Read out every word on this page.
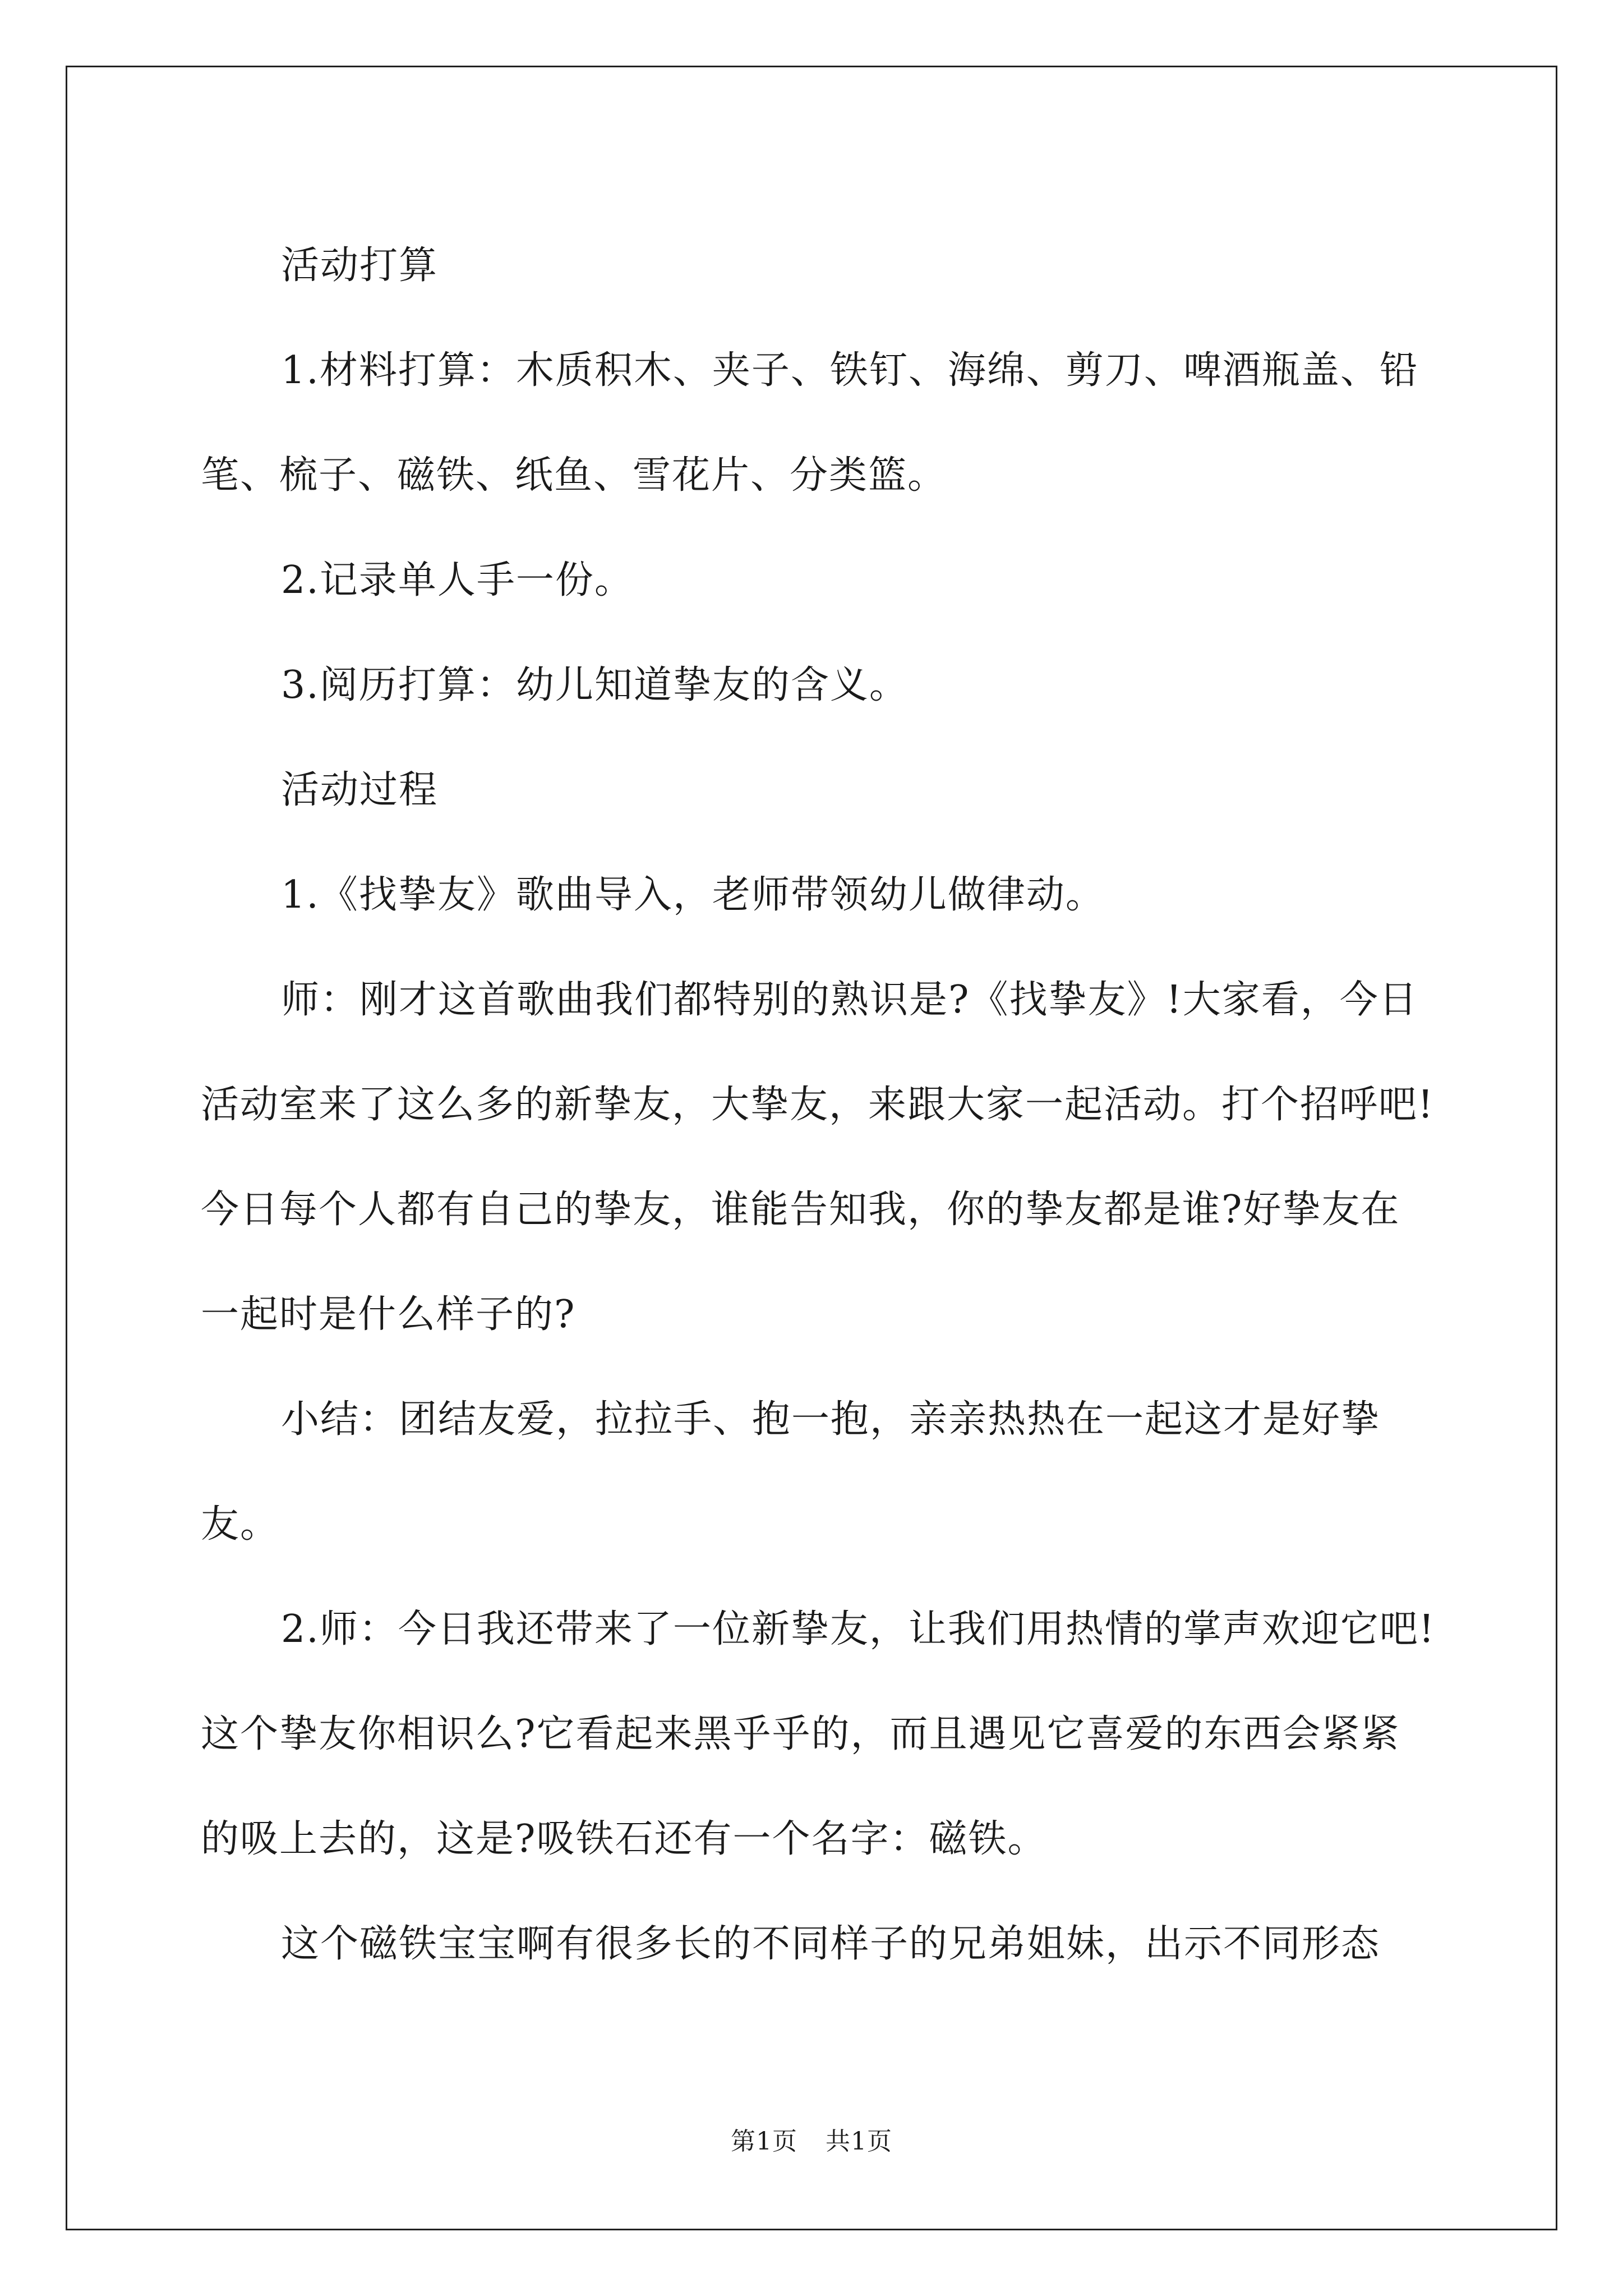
活动打算

1.材料打算：木质积木、夹子、铁钉、海绵、剪刀、啤酒瓶盖、铅笔、梳子、磁铁、纸鱼、雪花片、分类篮。

2.记录单人手一份。

3.阅历打算：幼儿知道挚友的含义。

活动过程

1.《找挚友》歌曲导入，老师带领幼儿做律动。

师：刚才这首歌曲我们都特别的熟识是?《找挚友》!大家看，今日活动室来了这么多的新挚友，大挚友，来跟大家一起活动。打个招呼吧!今日每个人都有自己的挚友，谁能告知我，你的挚友都是谁?好挚友在一起时是什么样子的?

小结：团结友爱，拉拉手、抱一抱，亲亲热热在一起这才是好挚友。

2.师：今日我还带来了一位新挚友，让我们用热情的掌声欢迎它吧!这个挚友你相识么?它看起来黑乎乎的，而且遇见它喜爱的东西会紧紧的吸上去的，这是?吸铁石还有一个名字：磁铁。

这个磁铁宝宝啊有很多长的不同样子的兄弟姐妹，出示不同形态

第1页 共1页
